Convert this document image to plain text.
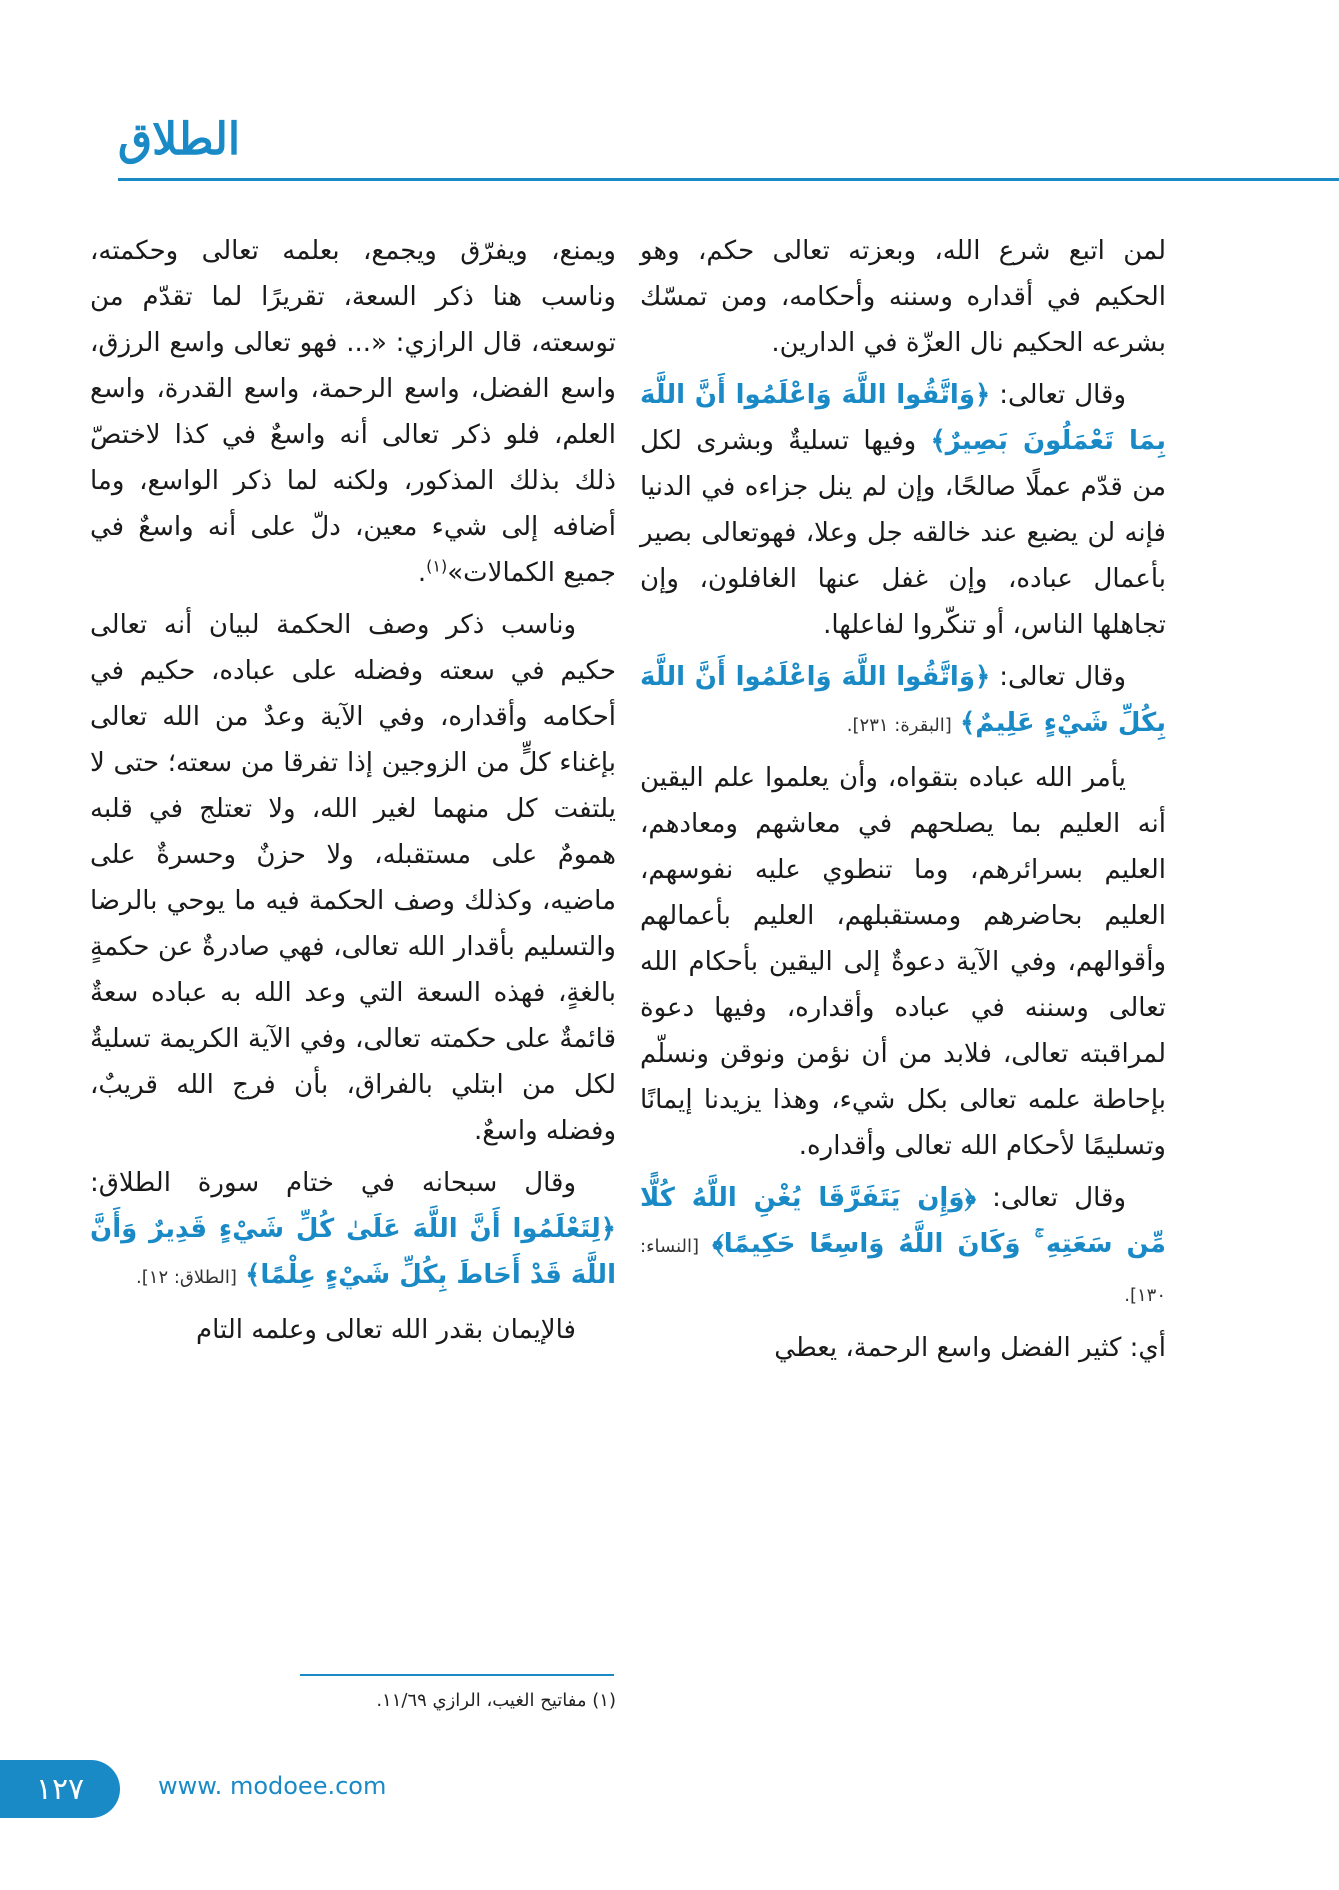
الطلاق

لمن اتبع شرع الله، وبعزته تعالى حكم، وهو الحكيم في أقداره وسننه وأحكامه، ومن تمسّك بشرعه الحكيم نال العزّة في الدارين.

وقال تعالى: ﴿وَاتَّقُوا اللَّهَ وَاعْلَمُوا أَنَّ اللَّهَ بِمَا تَعْمَلُونَ بَصِيرٌ﴾ وفيها تسليةٌ وبشرى لكل من قدّم عملًا صالحًا، وإن لم ينل جزاءه في الدنيا فإنه لن يضيع عند خالقه جل وعلا، فهوتعالى بصير بأعمال عباده، وإن غفل عنها الغافلون، وإن تجاهلها الناس، أو تنكّروا لفاعلها.

وقال تعالى: ﴿وَاتَّقُوا اللَّهَ وَاعْلَمُوا أَنَّ اللَّهَ بِكُلِّ شَيْءٍ عَلِيمٌ﴾ [البقرة: ٢٣١].

يأمر الله عباده بتقواه، وأن يعلموا علم اليقين أنه العليم بما يصلحهم في معاشهم ومعادهم، العليم بسرائرهم، وما تنطوي عليه نفوسهم، العليم بحاضرهم ومستقبلهم، العليم بأعمالهم وأقوالهم، وفي الآية دعوةٌ إلى اليقين بأحكام الله تعالى وسننه في عباده وأقداره، وفيها دعوة لمراقبته تعالى، فلابد من أن نؤمن ونوقن ونسلّم بإحاطة علمه تعالى بكل شيء، وهذا يزيدنا إيمانًا وتسليمًا لأحكام الله تعالى وأقداره.

وقال تعالى: ﴿وَإِن يَتَفَرَّقَا يُغْنِ اللَّهُ كُلًّا مِّن سَعَتِهِ ۚ وَكَانَ اللَّهُ وَاسِعًا حَكِيمًا﴾ [النساء: ١٣٠].

أي: كثير الفضل واسع الرحمة، يعطي

ويمنع، ويفرّق ويجمع، بعلمه تعالى وحكمته، وناسب هنا ذكر السعة، تقريرًا لما تقدّم من توسعته، قال الرازي: «... فهو تعالى واسع الرزق، واسع الفضل، واسع الرحمة، واسع القدرة، واسع العلم، فلو ذكر تعالى أنه واسعٌ في كذا لاختصّ ذلك بذلك المذكور، ولكنه لما ذكر الواسع، وما أضافه إلى شيء معين، دلّ على أنه واسعٌ في جميع الكمالات»$^{(١)}$.

وناسب ذكر وصف الحكمة لبيان أنه تعالى حكيم في سعته وفضله على عباده، حكيم في أحكامه وأقداره، وفي الآية وعدٌ من الله تعالى بإغناء كلٍّ من الزوجين إذا تفرقا من سعته؛ حتى لا يلتفت كل منهما لغير الله، ولا تعتلج في قلبه همومٌ على مستقبله، ولا حزنٌ وحسرةٌ على ماضيه، وكذلك وصف الحكمة فيه ما يوحي بالرضا والتسليم بأقدار الله تعالى، فهي صادرةٌ عن حكمةٍ بالغةٍ، فهذه السعة التي وعد الله به عباده سعةٌ قائمةٌ على حكمته تعالى، وفي الآية الكريمة تسليةٌ لكل من ابتلي بالفراق، بأن فرج الله قريبٌ، وفضله واسعٌ.

وقال سبحانه في ختام سورة الطلاق: ﴿لِتَعْلَمُوا أَنَّ اللَّهَ عَلَىٰ كُلِّ شَيْءٍ قَدِيرٌ وَأَنَّ اللَّهَ قَدْ أَحَاطَ بِكُلِّ شَيْءٍ عِلْمًا﴾ [الطلاق: ١٢].

فالإيمان بقدر الله تعالى وعلمه التام

(١) مفاتيح الغيب، الرازي ١١/٦٩.
١٢٧	www. modoee.com
